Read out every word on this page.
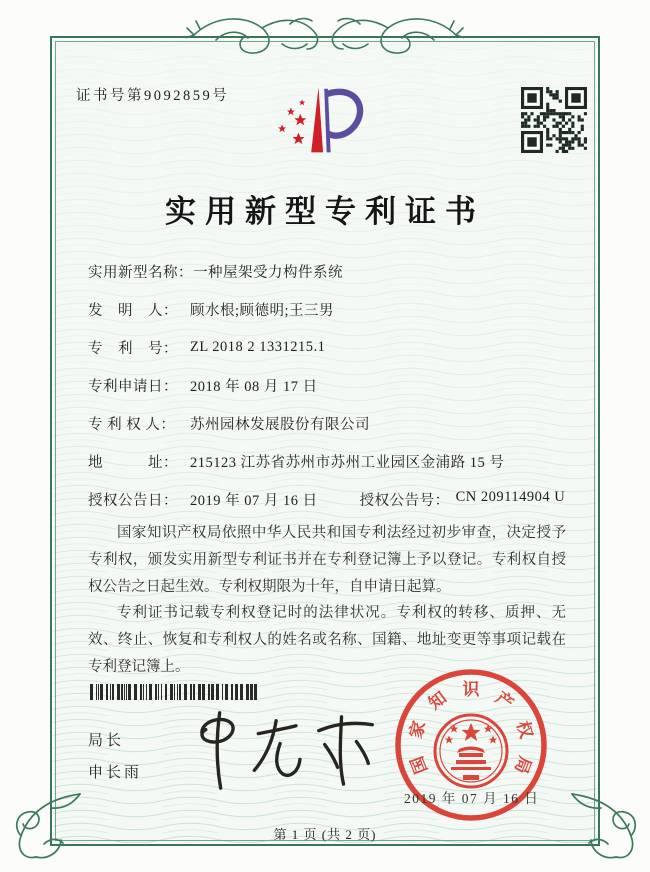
证书号第9092859号
实用新型专利证书
实用新型名称： 一种屋架受力构件系统
发　明　人： 顾水根;顾德明;王三男
专　利　号： ZL 2018 2 1331215.1
专利申请日： 2018 年 08 月 17 日
专 利 权 人：	苏州园林发展股份有限公司
地　　　址： 215123 江苏省苏州市苏州工业园区金浦路 15 号
授权公告日： 2019 年 07 月 16 日	授权公告号： CN 209114904 U

国家知识产权局依照中华人民共和国专利法经过初步审查，决定授予专利权，颁发实用新型专利证书并在专利登记簿上予以登记。专利权自授权公告之日起生效。专利权期限为十年，自申请日起算。

专利证书记载专利权登记时的法律状况。专利权的转移、质押、无效、终止、恢复和专利权人的姓名或名称、国籍、地址变更等事项记载在专利登记簿上。

局长
申长雨	国
家
知 识 产
权
局
2019 年 07 月 16 日
第 1 页 (共 2 页)
